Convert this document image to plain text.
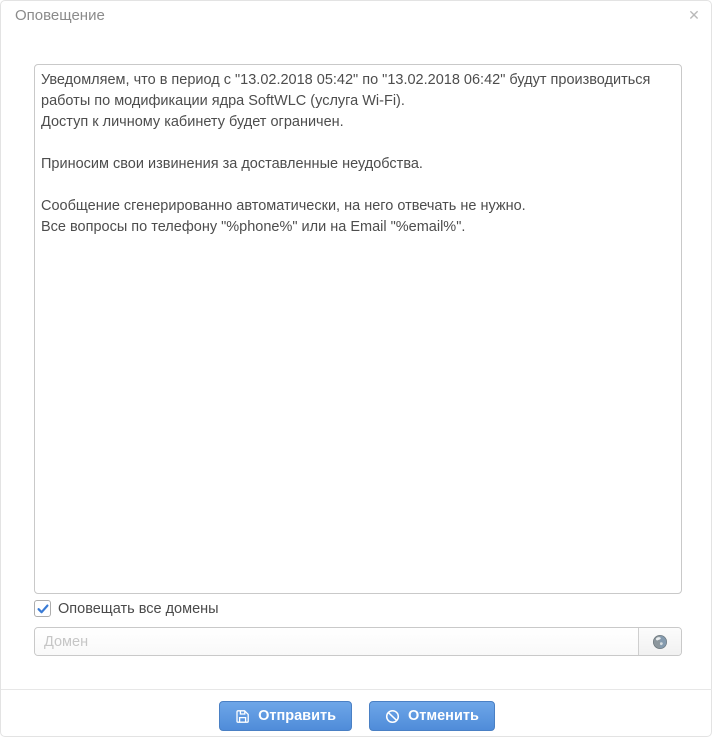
Оповещение	✕
Уведомляем, что в период с "13.02.2018 05:42" по "13.02.2018 06:42" будут производиться работы по модификации ядра SoftWLC (услуга Wi-Fi). Доступ к личному кабинету будет ограничен. Приносим свои извинения за доставленные неудобства. Сообщение сгенерированно автоматически, на него отвечать не нужно. Все вопросы по телефону "%phone%" или на Email "%email%".
Оповещать все домены
Домен
Отправить	Отменить
